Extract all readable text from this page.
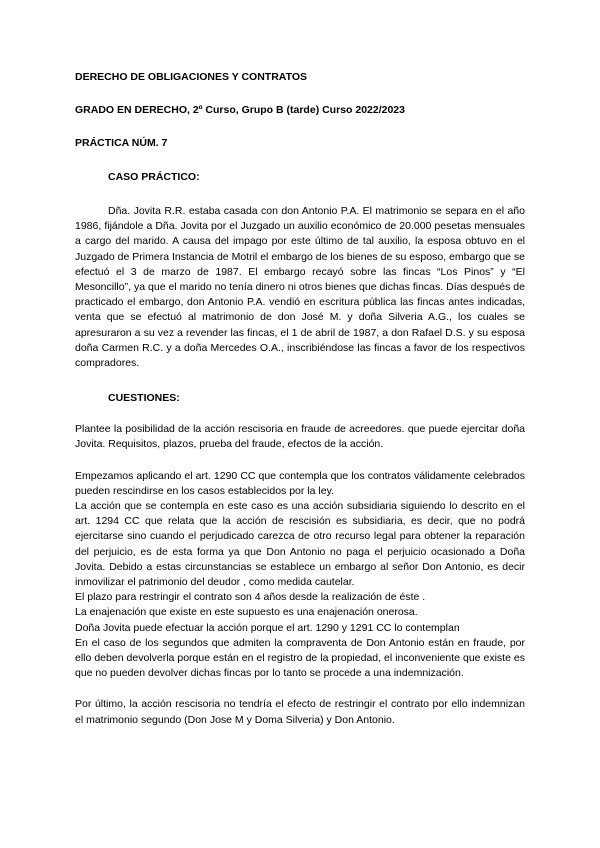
DERECHO DE OBLIGACIONES Y CONTRATOS

GRADO EN DERECHO, 2º Curso, Grupo B (tarde) Curso 2022/2023

PRÁCTICA NÚM. 7

CASO PRÁCTICO:

Dña. Jovita R.R. estaba casada con don Antonio P.A. El matrimonio se separa en el año 1986, fijándole a Dña. Jovita por el Juzgado un auxilio económico de 20.000 pesetas mensuales a cargo del marido. A causa del impago por este último de tal auxilio, la esposa obtuvo en el Juzgado de Primera Instancia de Motril el embargo de los bienes de su esposo, embargo que se efectuó el 3 de marzo de 1987. El embargo recayó sobre las fincas “Los Pinos” y “El Mesoncillo”, ya que el marido no tenía dinero ni otros bienes que dichas fincas. Días después de practicado el embargo, don Antonio P.A. vendió en escritura pública las fincas antes indicadas, venta que se efectuó al matrimonio de don José M. y doña Silveria A.G., los cuales se apresuraron a su vez a revender las fincas, el 1 de abril de 1987, a don Rafael D.S. y su esposa doña Carmen R.C. y a doña Mercedes O.A., inscribiéndose las fincas a favor de los respectivos compradores.

CUESTIONES:

Plantee la posibilidad de la acción rescisoria en fraude de acreedores. que puede ejercitar doña Jovita. Requisitos, plazos, prueba del fraude, efectos de la acción.

Empezamos aplicando el art. 1290 CC que contempla que los contratos válidamente celebrados pueden rescindirse en los casos establecidos por la ley.

La acción que se contempla en este caso es una acción subsidiaria siguiendo lo descrito en el art. 1294 CC que relata que la acción de rescisión es subsidiaria, es decir, que no podrá ejercitarse sino cuando el perjudicado carezca de otro recurso legal para obtener la reparación del perjuicio, es de esta forma ya que Don Antonio no paga el perjuicio ocasionado a Doña Jovita. Debido a estas circunstancias se establece un embargo al señor Don Antonio, es decir inmovilizar el patrimonio del deudor , como medida cautelar.

El plazo para restringir el contrato son 4 años desde la realización de éste .

La enajenación que existe en este supuesto es una enajenación onerosa.

Doña Jovita puede efectuar la acción porque el art. 1290 y 1291 CC lo contemplan

En el caso de los segundos que admiten la compraventa de Don Antonio están en fraude, por ello deben devolverla porque están en el registro de la propiedad, el inconveniente que existe es que no pueden devolver dichas fincas por lo tanto se procede a una indemnización.

Por último, la acción rescisoria no tendría el efecto de restringir el contrato por ello indemnizan el matrimonio segundo (Don Jose M y Doma Silveria) y Don Antonio.
